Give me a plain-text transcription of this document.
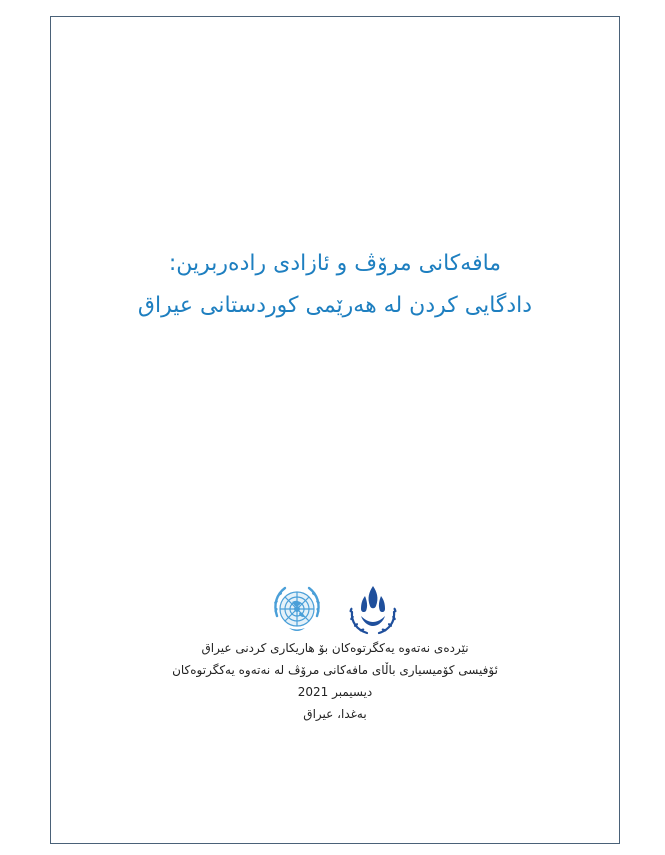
مافەکانی مرۆڤ و ئازادی رادەربرین:
دادگایی کردن لە هەرێمی کوردستانی عیراق
نێردەی نەتەوە یەکگرتوەکان بۆ هاریکاری کردنی عیراق
ئۆفیسی کۆمیسیاری باڵای مافەکانی مرۆڤ لە نەتەوە یەکگرتوەکان
دیسیمبر 2021
بەغدا، عیراق
